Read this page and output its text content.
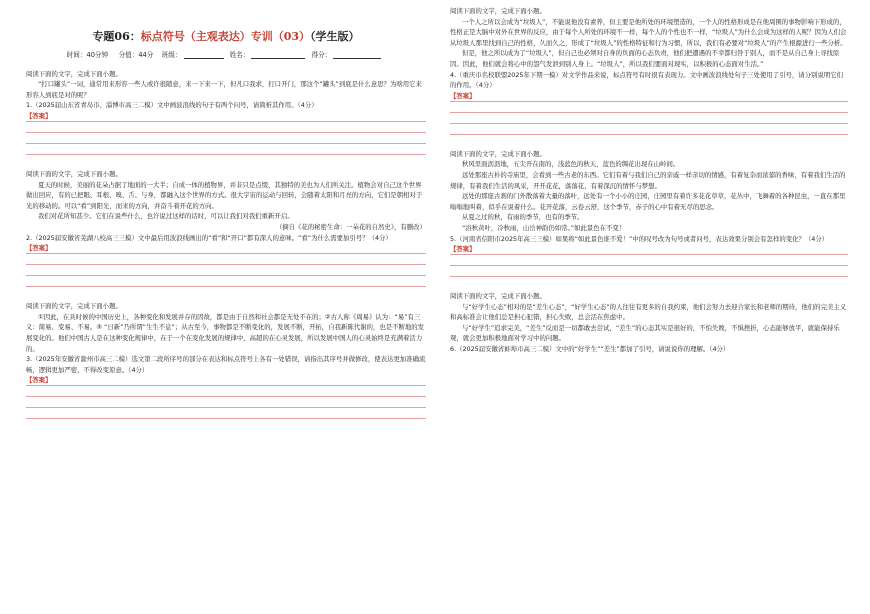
专题06：标点符号（主观表达）专训（03）（学生版）
时间：40分钟 分值：44分 班级：	姓名：	得分：

阅读下面的文字，完成下面小题。

“打口罐头”一词，通常用来形容一些人或许很随意，来一下来一下，但凡口我求，打口开门，那这个“罐头”到底是什么意思？为啥用它来形容人到底是对的呢？

1.（2025届山东省青岛市、淄博市高三二模）文中画波浪线的句子有两个问号，请简析其作用。（4分）

【答案】

阅读下面的文字，完成下面小题。

夏天的时候，美丽的花朵占据了地面的一大半；自成一体的植物界，并非只是点缀，其独特的美也为人们所关注。植物会对自己这个世界做出回应，有的已把眼、耳根、嗅、舌、与身，都融入这个世界的方式。很大宇宙的运动与回转，会随着太阳和月亮的方向，它们是朝相对于光的移动的。可以“看”到阳光，而来的方向，并奋斗着开花的方向。

我们对花所知甚少。它们在说些什么，也许说过这样的话时，可以让我们对我们重新开启。

（摘自《花的秘密生命：一朵花的自然史》，有删改）

2.（2025届安徽省芜湖八校高三三模）文中最后用波浪线画出的“看”和“开口”都有深人的意味。“看”为什么需要加引号？（4分）

【答案】

阅读下面的文字，完成下面小题。

①因此，在具时候的中国历史上，各种变化和发展并存的因故，都是由于自然和社会都是无处不在的；②古人称《周易》认为：“易”有三义：简易、变易、不易。③ “日新”乃所谓“生生不息”；从古至今，事物都是不断变化的，发展不断，开拓，自我新陈代谢的，也是不断地的发展变化的。他们中国古人是在这种变化规律中，在于一个在变化发展的规律中，高超的在心灵发展，所以发展中国人的心灵始终是充满着活力的。

3.（2025年安徽省滁州市高三二模）选文第二段所序号的部分在表达和标点符号上各有一处错误，请指出其序号并做修改，使表达更加准确流畅，逻辑更加严密，不得改变原意。（4分）

【答案】

阅读下面的文字，完成下面小题。

一个人之所以会成为“垃圾人”，不能说他没有素养，但主要是他所处的环境塑造的，一个人的性格形成是在他周围的事物影响下形成的，性格正是大脑中对外在世界的反应，由于每个人所处的环境不一样，每个人的个性也不一样，“垃圾人”为什么会成为这样的人呢？因为人们会从垃圾人那里找到自己的性格，久而久之，形成了“垃圾人”的性格特征和行为习惯，所以，我们有必要对“垃圾人”的产生根源进行一些分析。

但是，他之所以成为了“垃圾人”，但自己也必须对自身的负面的心态负责，他们把遭遇的不幸都归咎于别人，而不是从自己身上寻找原因。因此，他们就会将心中的怨气发泄到别人身上。“垃圾人”，所以我们要面对现实，以积极的心态面对生活。”

4.（重庆市名校联盟2025年下期一模）对文学作品来说，标点符号有时很有表现力。文中画波浪线处句子三处使用了引号，请分别说明它们的作用。（4分）

【答案】

阅读下面的文字，完成下面小题。

秋风里面沥沥地，五尖开在南的，浅蓝色的秋天，蓝色的绸花出现在山岭间。

远处那座古朴的寺庙里，会看到一些古老的东西。它们有着与我们自己的亲戚一样亲切的情感，有着复杂而浓郁的香味，有着我们生活的规律，有着我们生活的风采，开开花花，落落花，有着深沉的情怀与梦想。

远处的那座古刹的门外散落着大量的落叶，远处有一个小小的庄园，庄园里有着许多花花草草，花丛中，飞舞着的各种昆虫，一直在那里嗡嗡地叫着，似乎在说着什么。花开花落，云卷云舒，这个季节，赤子的心中有着无尽的思念。

从夏之过的秋，有雨的季节，也有的季节。

“浴秋黄叶，冷秋雨，山岳神韵仍如常。”如此景色在不变！

5.（河南省信阳市2025年高三三模）如果将“如此景色谁不爱！”中的叹号改为句号或者问号，表达效果分别会有怎样的变化？（4分）

【答案】

阅读下面的文字，完成下面小题。

与“好学生心态”相对的是“差生心态”，“好学生心态”的人往往有更多的自我约束，他们会努力去迎合家长和老师的期待，他们的完美主义和高标准会让他们总是担心犯错，担心失败，总会活在焦虑中。

与“好学生”追求完美，“差生”反而是一切都敢去尝试，“差生”的心态其实是很好的，不怕失败，不惧挫折，心态能够放平，就能保持乐观，就会更加积极地面对学习中的问题。

6.（2025届安徽省蚌埠市高三二模）文中的“好学生”“差生”都加了引号，请说说你的理解。（4分）
